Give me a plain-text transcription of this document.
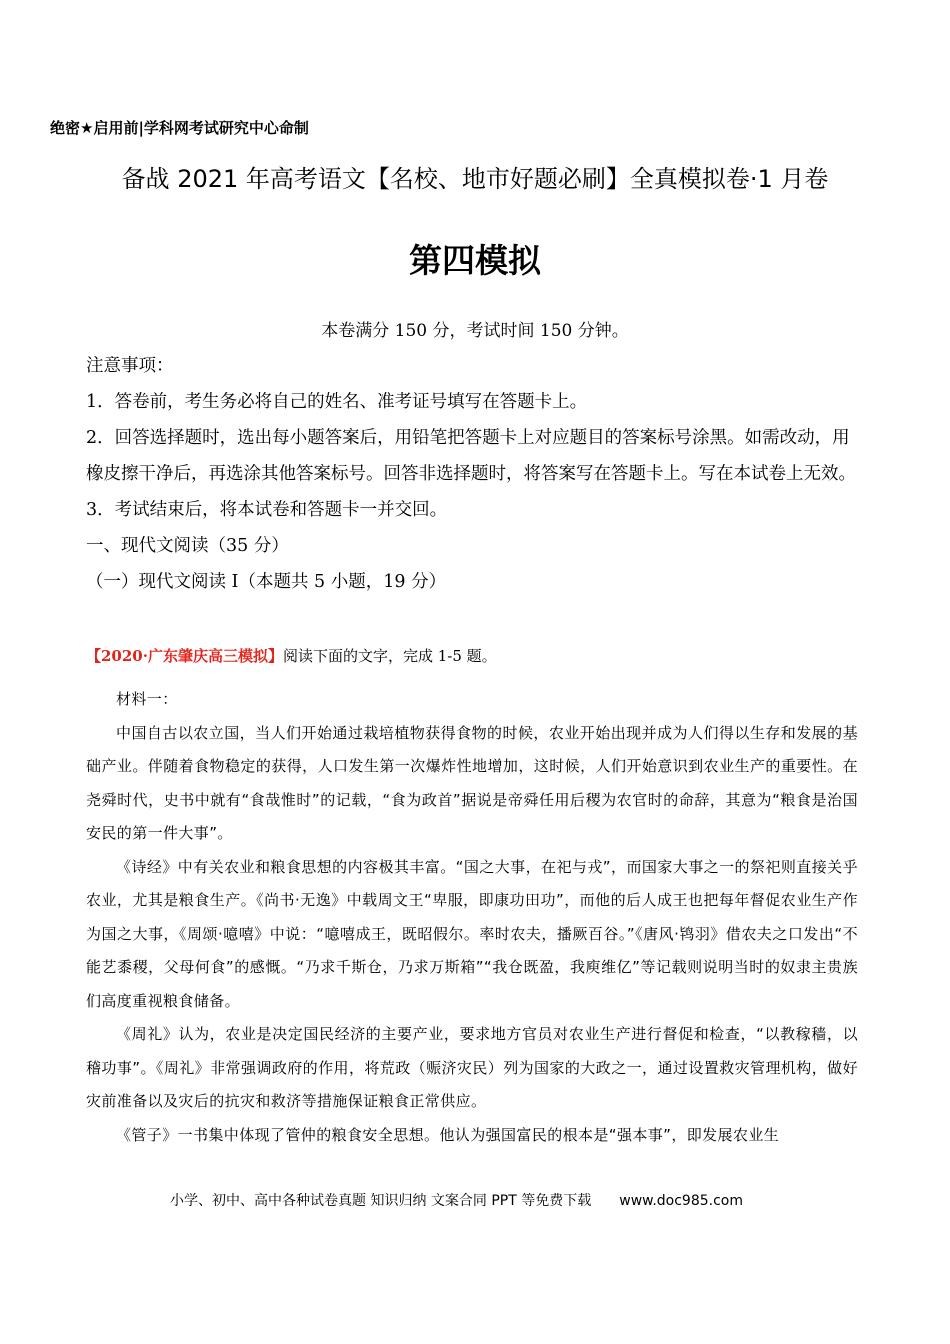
绝密★启用前|学科网考试研究中心命制
备战 2021 年高考语文【名校、地市好题必刷】全真模拟卷·1 月卷
第四模拟
本卷满分 150 分，考试时间 150 分钟。

注意事项：

1．答卷前，考生务必将自己的姓名、准考证号填写在答题卡上。

2．回答选择题时，选出每小题答案后，用铅笔把答题卡上对应题目的答案标号涂黑。如需改动，用橡皮擦干净后，再选涂其他答案标号。回答非选择题时，将答案写在答题卡上。写在本试卷上无效。

3．考试结束后，将本试卷和答题卡一并交回。

一、现代文阅读（35 分）

（一）现代文阅读 I（本题共 5 小题，19 分）

【2020·广东肇庆高三模拟】阅读下面的文字，完成 1-5 题。

材料一：

中国自古以农立国，当人们开始通过栽培植物获得食物的时候，农业开始出现并成为人们得以生存和发展的基础产业。伴随着食物稳定的获得，人口发生第一次爆炸性地增加，这时候，人们开始意识到农业生产的重要性。在尧舜时代，史书中就有“食哉惟时”的记载，“食为政首”据说是帝舜任用后稷为农官时的命辞，其意为“粮食是治国安民的第一件大事”。

《诗经》中有关农业和粮食思想的内容极其丰富。“国之大事，在祀与戎”，而国家大事之一的祭祀则直接关乎农业，尤其是粮食生产。《尚书·无逸》中载周文王“卑服，即康功田功”，而他的后人成王也把每年督促农业生产作为国之大事，《周颂·噫嘻》中说：“噫嘻成王，既昭假尔。率时农夫，播厥百谷。”《唐风·鸨羽》借农夫之口发出“不能艺黍稷，父母何食”的感慨。“乃求千斯仓，乃求万斯箱”“我仓既盈，我庾维亿”等记载则说明当时的奴隶主贵族们高度重视粮食储备。

《周礼》认为，农业是决定国民经济的主要产业，要求地方官员对农业生产进行督促和检查，“以教稼穑，以稽功事”。《周礼》非常强调政府的作用，将荒政（赈济灾民）列为国家的大政之一，通过设置救灾管理机构，做好灾前准备以及灾后的抗灾和救济等措施保证粮食正常供应。

《管子》一书集中体现了管仲的粮食安全思想。他认为强国富民的根本是“强本事”，即发展农业生

小学、初中、高中各种试卷真题 知识归纳 文案合同 PPT 等免费下载 www.doc985.com
